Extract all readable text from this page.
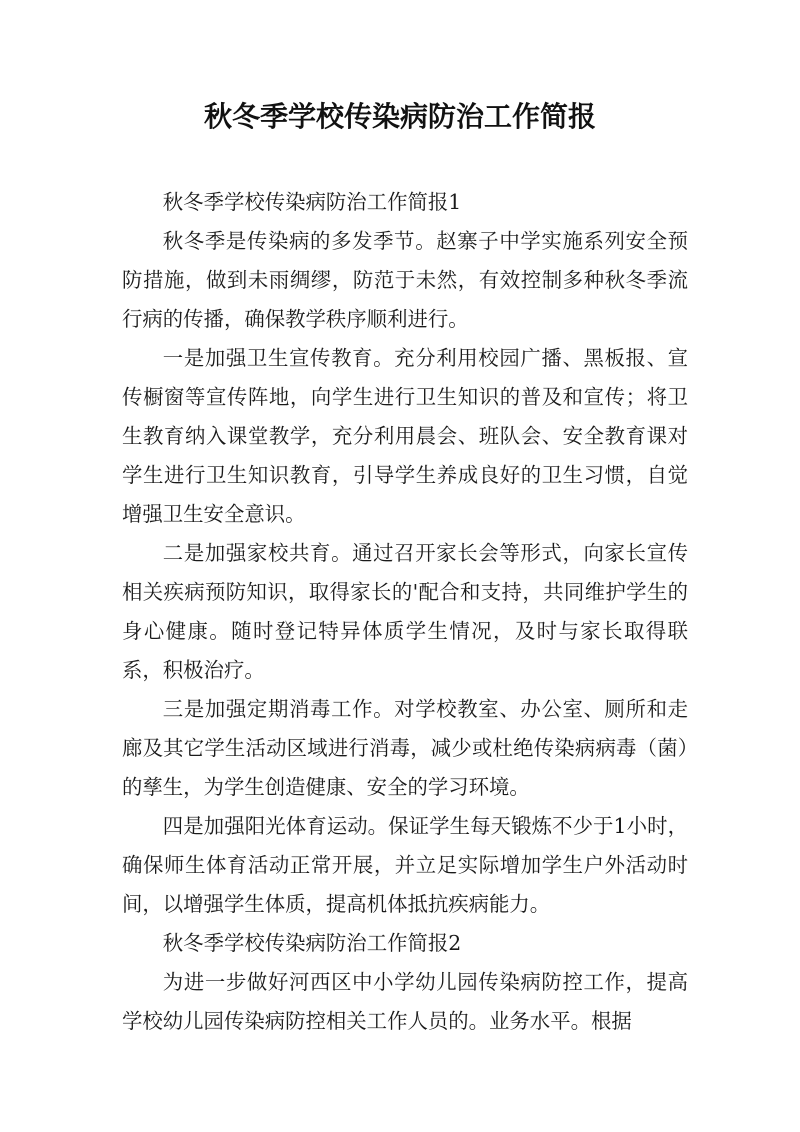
秋冬季学校传染病防治工作简报

秋冬季学校传染病防治工作简报1

秋冬季是传染病的多发季节。赵寨子中学实施系列安全预防措施，做到未雨绸缪，防范于未然，有效控制多种秋冬季流行病的传播，确保教学秩序顺利进行。

一是加强卫生宣传教育。充分利用校园广播、黑板报、宣传橱窗等宣传阵地，向学生进行卫生知识的普及和宣传；将卫生教育纳入课堂教学，充分利用晨会、班队会、安全教育课对学生进行卫生知识教育，引导学生养成良好的卫生习惯，自觉增强卫生安全意识。

二是加强家校共育。通过召开家长会等形式，向家长宣传相关疾病预防知识，取得家长的'配合和支持，共同维护学生的身心健康。随时登记特异体质学生情况，及时与家长取得联系，积极治疗。

三是加强定期消毒工作。对学校教室、办公室、厕所和走廊及其它学生活动区域进行消毒，减少或杜绝传染病病毒（菌）的孳生，为学生创造健康、安全的学习环境。

四是加强阳光体育运动。保证学生每天锻炼不少于1小时，确保师生体育活动正常开展，并立足实际增加学生户外活动时间，以增强学生体质，提高机体抵抗疾病能力。

秋冬季学校传染病防治工作简报2

为进一步做好河西区中小学幼儿园传染病防控工作，提高学校幼儿园传染病防控相关工作人员的。业务水平。根据
